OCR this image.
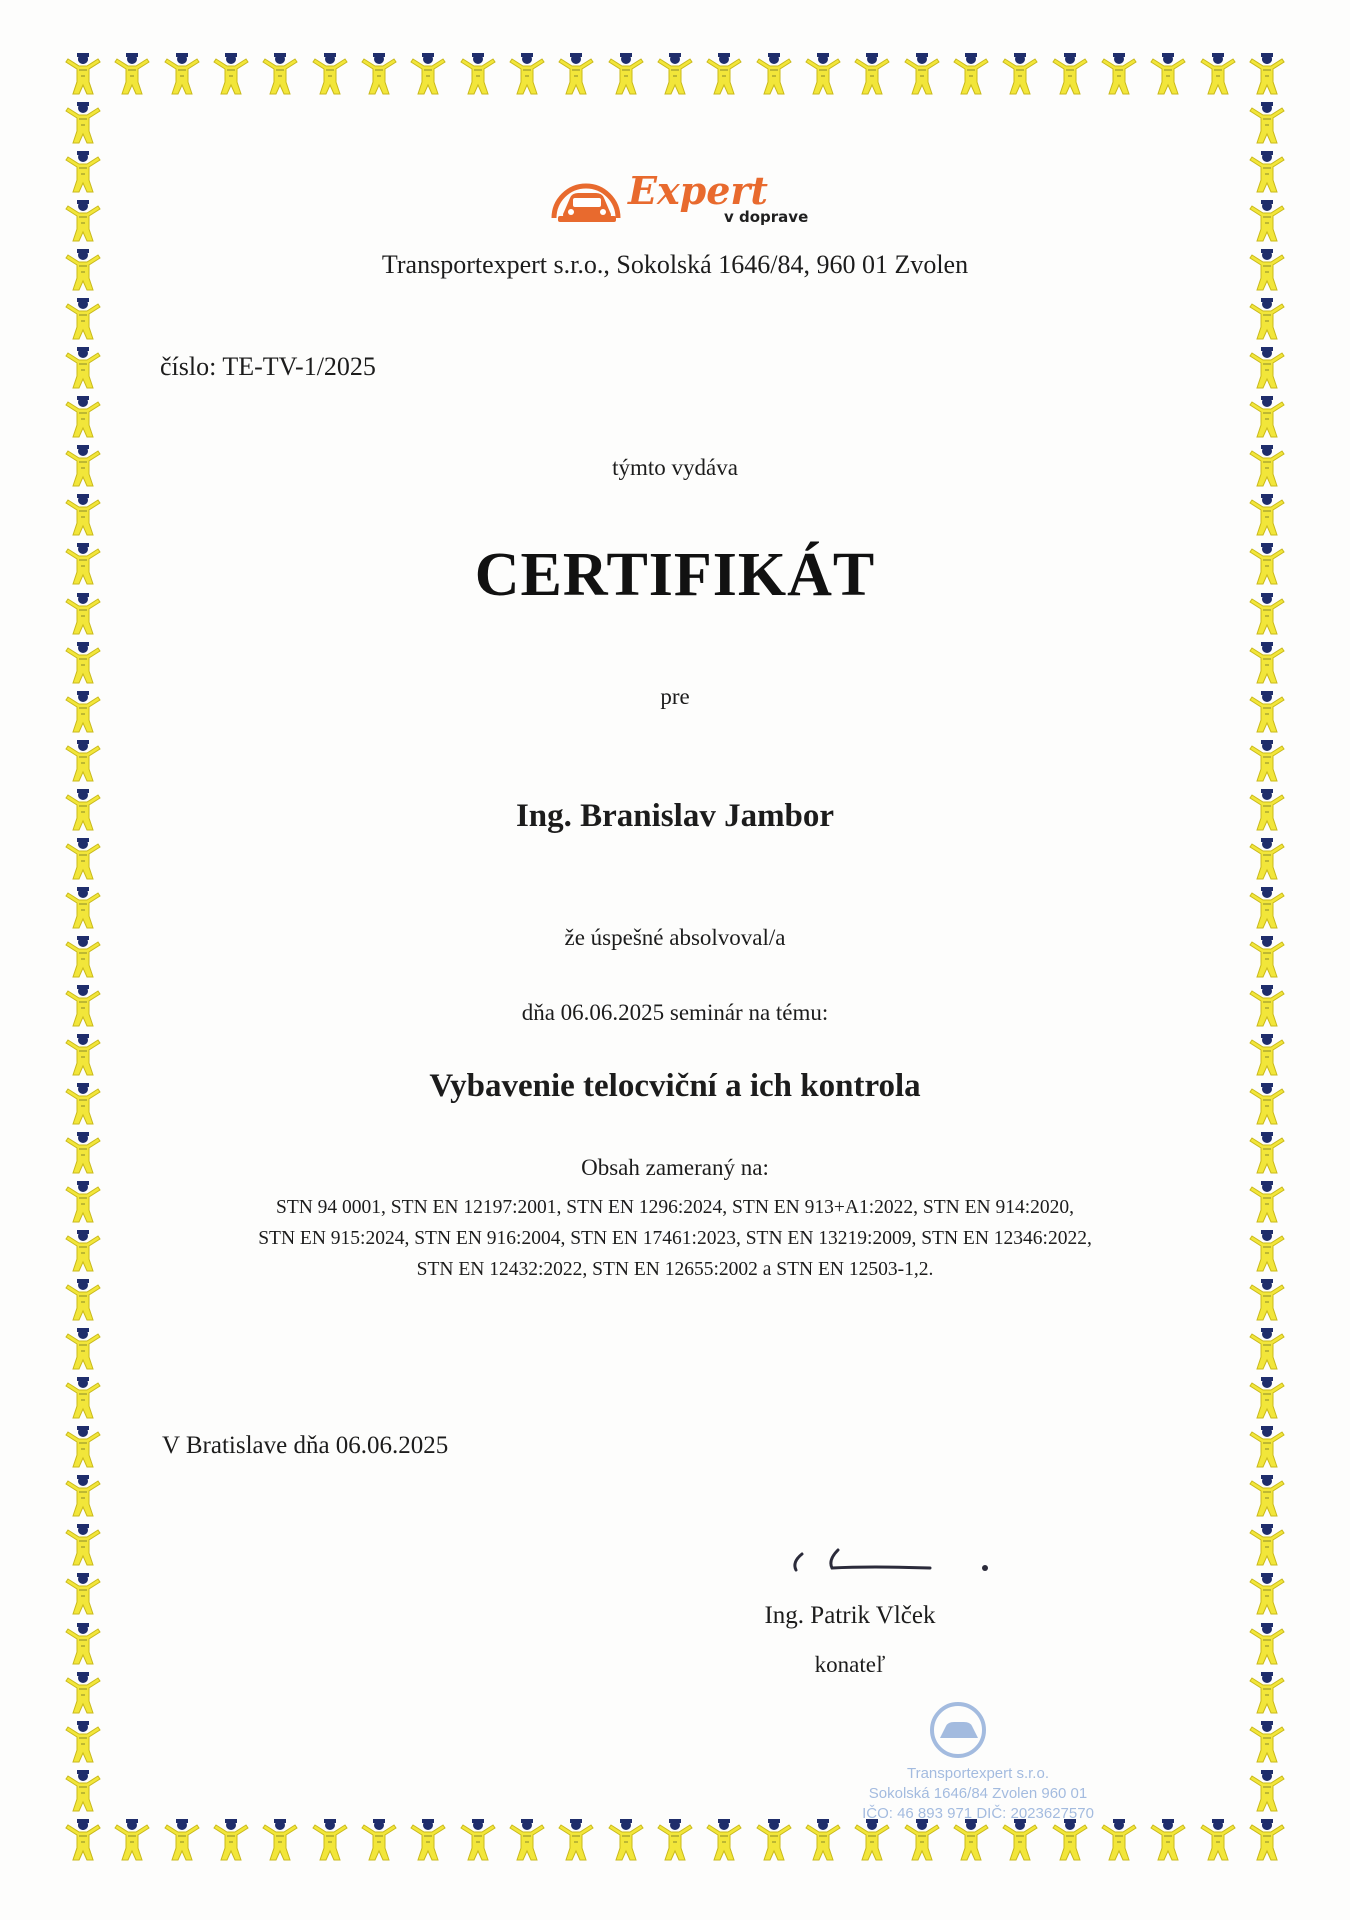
Expert
v doprave
Transportexpert s.r.o., Sokolská 1646/84, 960 01 Zvolen
číslo: TE-TV-1/2025
týmto vydáva
CERTIFIKÁT
pre
Ing. Branislav Jambor
že úspešné absolvoval/a
dňa 06.06.2025 seminár na tému:
Vybavenie telocviční a ich kontrola
Obsah zameraný na:
STN 94 0001, STN EN 12197:2001, STN EN 1296:2024, STN EN 913+A1:2022, STN EN 914:2020,
STN EN 915:2024, STN EN 916:2004, STN EN 17461:2023, STN EN 13219:2009, STN EN 12346:2022,
STN EN 12432:2022, STN EN 12655:2002 a STN EN 12503-1,2.
V Bratislave dňa 06.06.2025
Ing. Patrik Vlček
konateľ
Transportexpert s.r.o.
Sokolská 1646/84 Zvolen 960 01
IČO: 46 893 971 DIČ: 2023627570
